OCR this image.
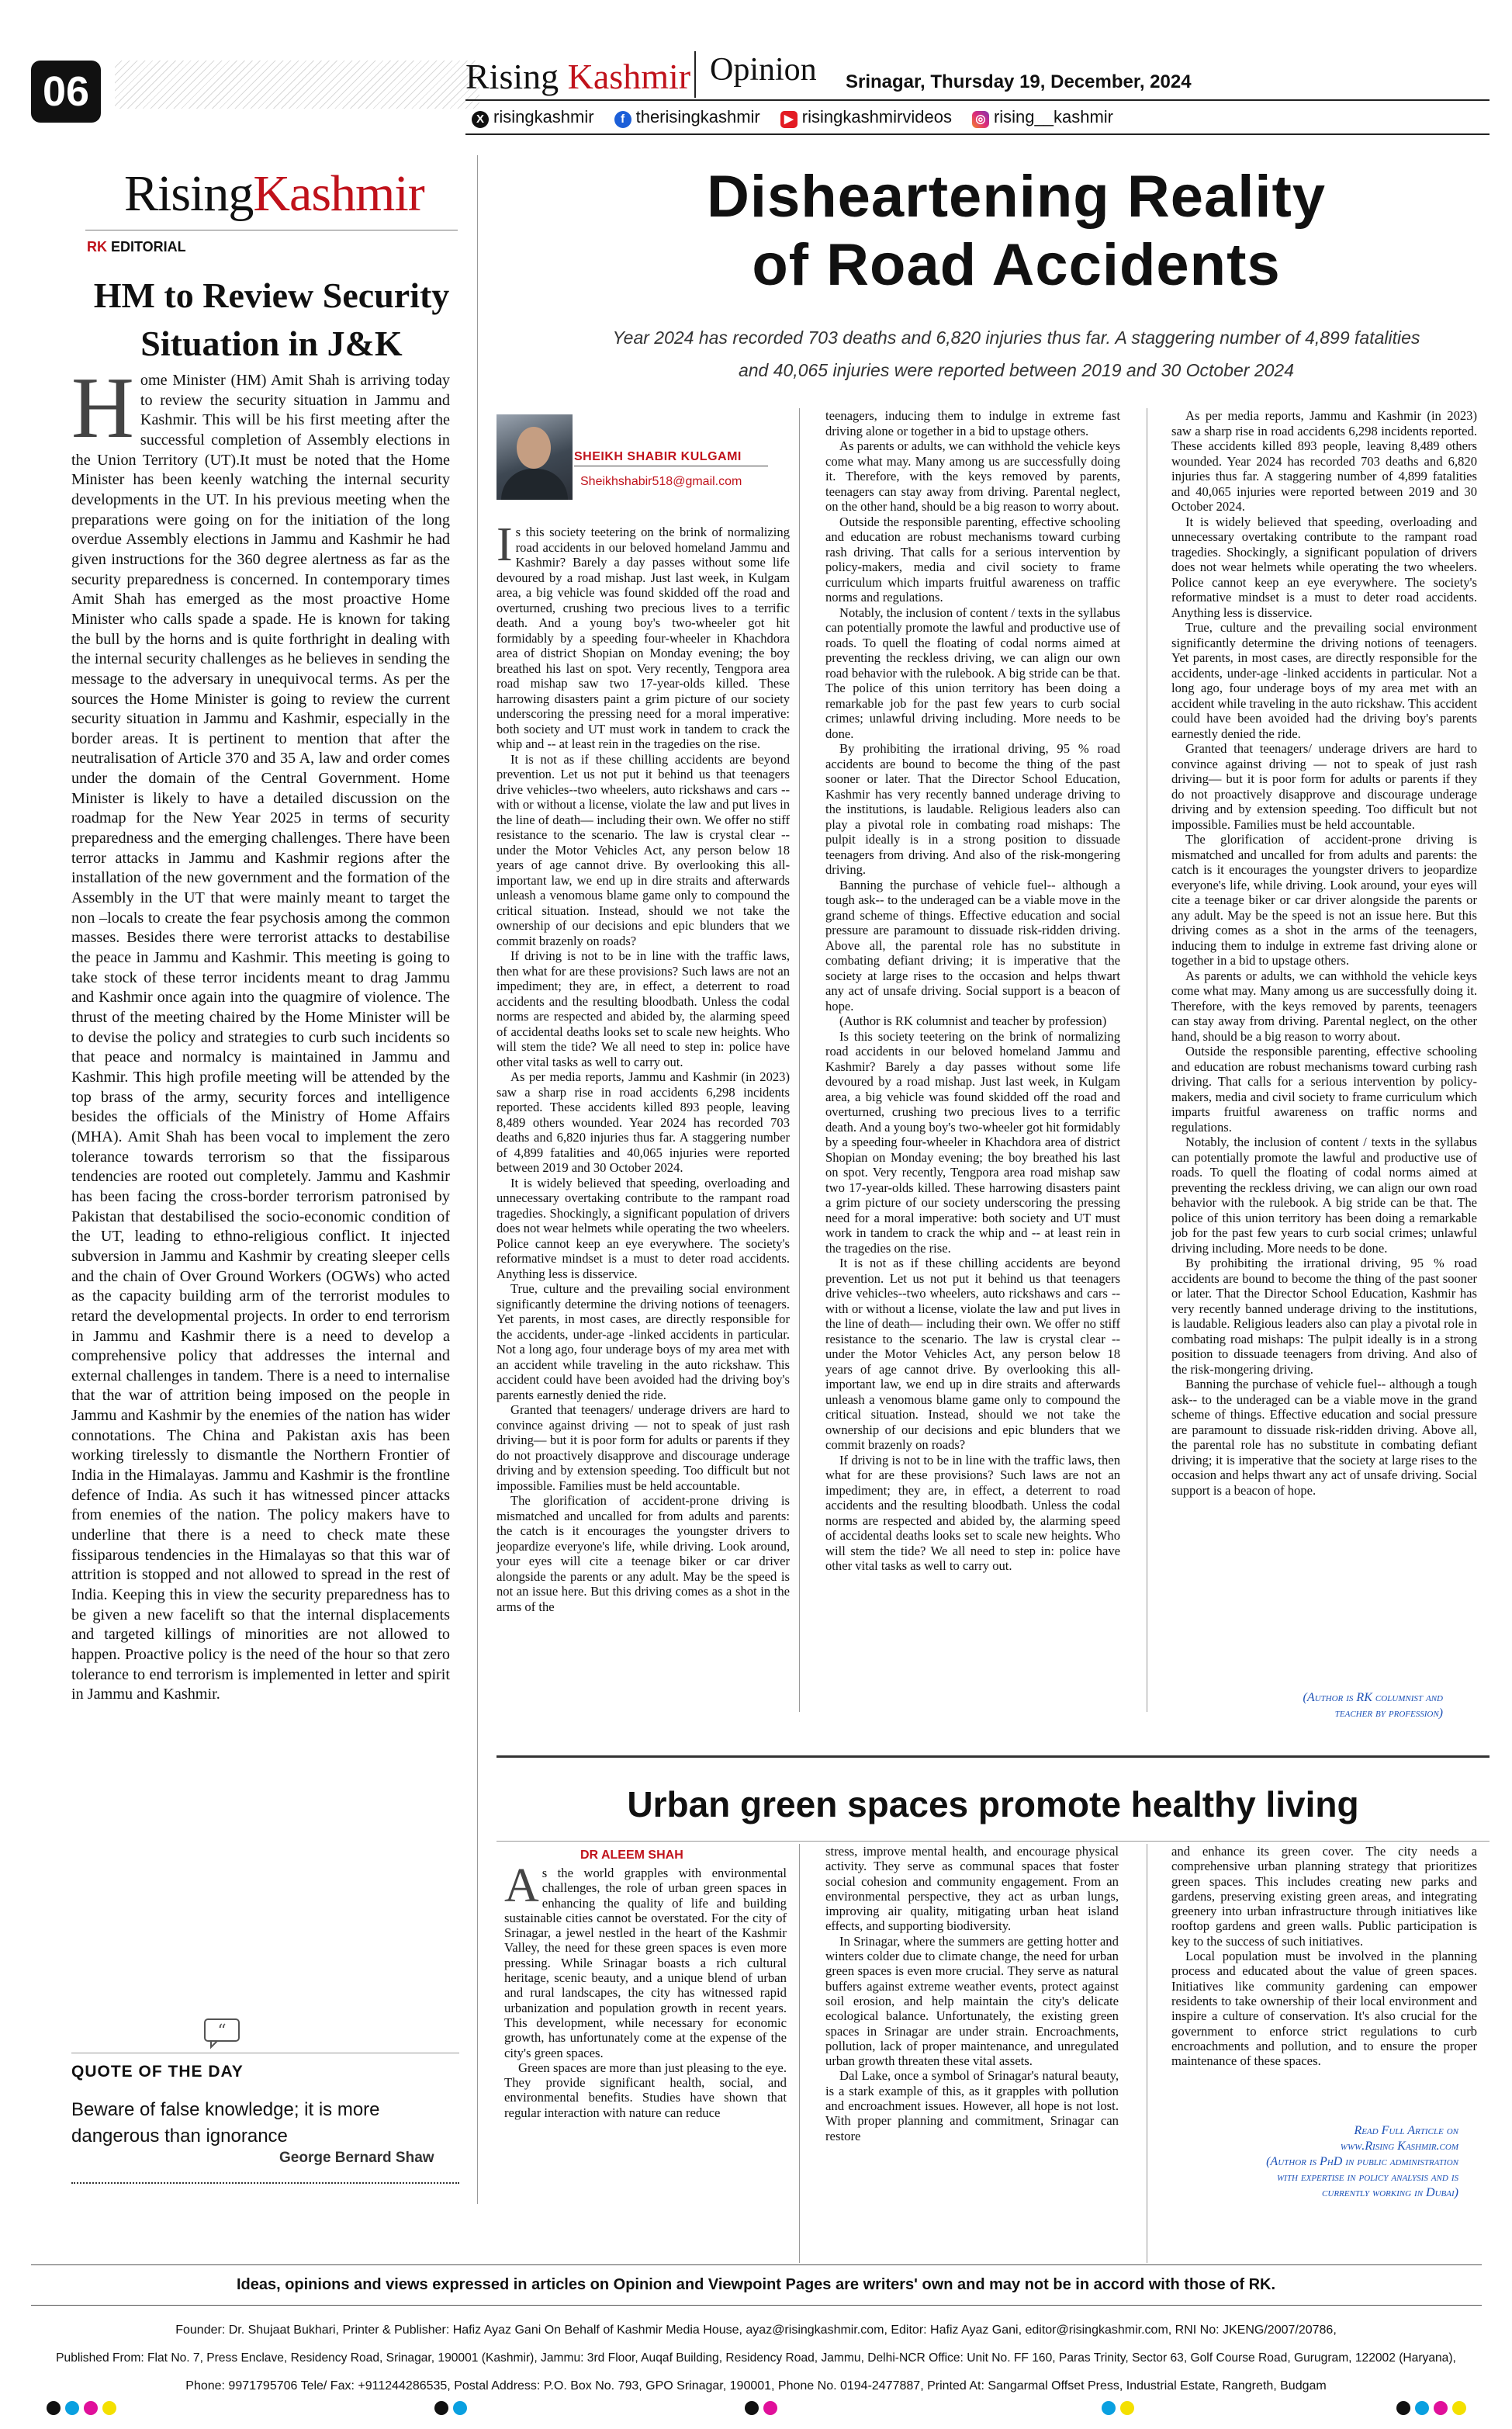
06	Rising Kashmir Opinion Srinagar, Thursday 19, December, 2024
X risingkashmir	f therisingkashmir	▶ risingkashmirvideos ◎ rising__kashmir
RisingKashmir
RK EDITORIAL
HM to Review Security Situation in J&K
Home Minister (HM) Amit Shah is arriving today to review the security situation in Jammu and Kashmir. This will be his first meeting after the successful completion of Assembly elections in the Union Territory (UT).It must be noted that the Home Minister has been keenly watching the internal security developments in the UT. In his previous meeting when the preparations were going on for the initiation of the long overdue Assembly elections in Jammu and Kashmir he had given instructions for the 360 degree alertness as far as the security preparedness is concerned. In contemporary times Amit Shah has emerged as the most proactive Home Minister who calls spade a spade. He is known for taking the bull by the horns and is quite forthright in dealing with the internal security challenges as he believes in sending the message to the adversary in unequivocal terms. As per the sources the Home Minister is going to review the current security situation in Jammu and Kashmir, especially in the border areas. It is pertinent to mention that after the neutralisation of Article 370 and 35 A, law and order comes under the domain of the Central Government. Home Minister is likely to have a detailed discussion on the roadmap for the New Year 2025 in terms of security preparedness and the emerging challenges. There have been terror attacks in Jammu and Kashmir regions after the installation of the new government and the formation of the Assembly in the UT that were mainly meant to target the non –locals to create the fear psychosis among the common masses. Besides there were terrorist attacks to destabilise the peace in Jammu and Kashmir. This meeting is going to take stock of these terror incidents meant to drag Jammu and Kashmir once again into the quagmire of violence. The thrust of the meeting chaired by the Home Minister will be to devise the policy and strategies to curb such incidents so that peace and normalcy is maintained in Jammu and Kashmir. This high profile meeting will be attended by the top brass of the army, security forces and intelligence besides the officials of the Ministry of Home Affairs (MHA). Amit Shah has been vocal to implement the zero tolerance towards terrorism so that the fissiparous tendencies are rooted out completely. Jammu and Kashmir has been facing the cross-border terrorism patronised by Pakistan that destabilised the socio-economic condition of the UT, leading to ethno-religious conflict. It injected subversion in Jammu and Kashmir by creating sleeper cells and the chain of Over Ground Workers (OGWs) who acted as the capacity building arm of the terrorist modules to retard the developmental projects. In order to end terrorism in Jammu and Kashmir there is a need to develop a comprehensive policy that addresses the internal and external challenges in tandem. There is a need to internalise that the war of attrition being imposed on the people in Jammu and Kashmir by the enemies of the nation has wider connotations. The China and Pakistan axis has been working tirelessly to dismantle the Northern Frontier of India in the Himalayas. Jammu and Kashmir is the frontline defence of India. As such it has witnessed pincer attacks from enemies of the nation. The policy makers have to underline that there is a need to check mate these fissiparous tendencies in the Himalayas so that this war of attrition is stopped and not allowed to spread in the rest of India. Keeping this in view the security preparedness has to be given a new facelift so that the internal displacements and targeted killings of minorities are not allowed to happen. Proactive policy is the need of the hour so that zero tolerance to end terrorism is implemented in letter and spirit in Jammu and Kashmir.
“
QUOTE OF THE DAY
Beware of false knowledge; it is more dangerous than ignorance
George Bernard Shaw
Disheartening Reality
of Road Accidents
Year 2024 has recorded 703 deaths and 6,820 injuries thus far. A staggering number of 4,899 fatalities
and 40,065 injuries were reported between 2019 and 30 October 2024
SHEIKH SHABIR KULGAMI
Sheikhshabir518@gmail.com

Is this society teetering on the brink of normalizing road accidents in our beloved homeland Jammu and Kashmir? Barely a day passes without some life devoured by a road mishap. Just last week, in Kulgam area, a big vehicle was found skidded off the road and overturned, crushing two precious lives to a terrific death. And a young boy's two-wheeler got hit formidably by a speeding four-wheeler in Khachdora area of district Shopian on Monday evening; the boy breathed his last on spot. Very recently, Tengpora area road mishap saw two 17-year-olds killed. These harrowing disasters paint a grim picture of our society underscoring the pressing need for a moral imperative: both society and UT must work in tandem to crack the whip and -- at least rein in the tragedies on the rise.

It is not as if these chilling accidents are beyond prevention. Let us not put it behind us that teenagers drive vehicles--two wheelers, auto rickshaws and cars -- with or without a license, violate the law and put lives in the line of death— including their own. We offer no stiff resistance to the scenario. The law is crystal clear -- under the Motor Vehicles Act, any person below 18 years of age cannot drive. By overlooking this all-important law, we end up in dire straits and afterwards unleash a venomous blame game only to compound the critical situation. Instead, should we not take the ownership of our decisions and epic blunders that we commit brazenly on roads?

If driving is not to be in line with the traffic laws, then what for are these provisions? Such laws are not an impediment; they are, in effect, a deterrent to road accidents and the resulting bloodbath. Unless the codal norms are respected and abided by, the alarming speed of accidental deaths looks set to scale new heights. Who will stem the tide? We all need to step in: police have other vital tasks as well to carry out.

As per media reports, Jammu and Kashmir (in 2023) saw a sharp rise in road accidents 6,298 incidents reported. These accidents killed 893 people, leaving 8,489 others wounded. Year 2024 has recorded 703 deaths and 6,820 injuries thus far. A staggering number of 4,899 fatalities and 40,065 injuries were reported between 2019 and 30 October 2024.

It is widely believed that speeding, overloading and unnecessary overtaking contribute to the rampant road tragedies. Shockingly, a significant population of drivers does not wear helmets while operating the two wheelers. Police cannot keep an eye everywhere. The society's reformative mindset is a must to deter road accidents. Anything less is disservice.

True, culture and the prevailing social environment significantly determine the driving notions of teenagers. Yet parents, in most cases, are directly responsible for the accidents, under-age -linked accidents in particular. Not a long ago, four underage boys of my area met with an accident while traveling in the auto rickshaw. This accident could have been avoided had the driving boy's parents earnestly denied the ride.

Granted that teenagers/ underage drivers are hard to convince against driving — not to speak of just rash driving— but it is poor form for adults or parents if they do not proactively disapprove and discourage underage driving and by extension speeding. Too difficult but not impossible. Families must be held accountable.

The glorification of accident-prone driving is mismatched and uncalled for from adults and parents: the catch is it encourages the youngster drivers to jeopardize everyone's life, while driving. Look around, your eyes will cite a teenage biker or car driver alongside the parents or any adult. May be the speed is not an issue here. But this driving comes as a shot in the arms of the

teenagers, inducing them to indulge in extreme fast driving alone or together in a bid to upstage others.

As parents or adults, we can withhold the vehicle keys come what may. Many among us are successfully doing it. Therefore, with the keys removed by parents, teenagers can stay away from driving. Parental neglect, on the other hand, should be a big reason to worry about.

Outside the responsible parenting, effective schooling and education are robust mechanisms toward curbing rash driving. That calls for a serious intervention by policy-makers, media and civil society to frame curriculum which imparts fruitful awareness on traffic norms and regulations.

Notably, the inclusion of content / texts in the syllabus can potentially promote the lawful and productive use of roads. To quell the floating of codal norms aimed at preventing the reckless driving, we can align our own road behavior with the rulebook. A big stride can be that. The police of this union territory has been doing a remarkable job for the past few years to curb social crimes; unlawful driving including. More needs to be done.

By prohibiting the irrational driving, 95 % road accidents are bound to become the thing of the past sooner or later. That the Director School Education, Kashmir has very recently banned underage driving to the institutions, is laudable. Religious leaders also can play a pivotal role in combating road mishaps: The pulpit ideally is in a strong position to dissuade teenagers from driving. And also of the risk-mongering driving.

Banning the purchase of vehicle fuel-- although a tough ask-- to the underaged can be a viable move in the grand scheme of things. Effective education and social pressure are paramount to dissuade risk-ridden driving. Above all, the parental role has no substitute in combating defiant driving; it is imperative that the society at large rises to the occasion and helps thwart any act of unsafe driving. Social support is a beacon of hope.

(Author is RK columnist and teacher by profession)

Is this society teetering on the brink of normalizing road accidents in our beloved homeland Jammu and Kashmir? Barely a day passes without some life devoured by a road mishap. Just last week, in Kulgam area, a big vehicle was found skidded off the road and overturned, crushing two precious lives to a terrific death. And a young boy's two-wheeler got hit formidably by a speeding four-wheeler in Khachdora area of district Shopian on Monday evening; the boy breathed his last on spot. Very recently, Tengpora area road mishap saw two 17-year-olds killed. These harrowing disasters paint a grim picture of our society underscoring the pressing need for a moral imperative: both society and UT must work in tandem to crack the whip and -- at least rein in the tragedies on the rise.

It is not as if these chilling accidents are beyond prevention. Let us not put it behind us that teenagers drive vehicles--two wheelers, auto rickshaws and cars -- with or without a license, violate the law and put lives in the line of death— including their own. We offer no stiff resistance to the scenario. The law is crystal clear -- under the Motor Vehicles Act, any person below 18 years of age cannot drive. By overlooking this all-important law, we end up in dire straits and afterwards unleash a venomous blame game only to compound the critical situation. Instead, should we not take the ownership of our decisions and epic blunders that we commit brazenly on roads?

If driving is not to be in line with the traffic laws, then what for are these provisions? Such laws are not an impediment; they are, in effect, a deterrent to road accidents and the resulting bloodbath. Unless the codal norms are respected and abided by, the alarming speed of accidental deaths looks set to scale new heights. Who will stem the tide? We all need to step in: police have other vital tasks as well to carry out.

As per media reports, Jammu and Kashmir (in 2023) saw a sharp rise in road accidents 6,298 incidents reported. These accidents killed 893 people, leaving 8,489 others wounded. Year 2024 has recorded 703 deaths and 6,820 injuries thus far. A staggering number of 4,899 fatalities and 40,065 injuries were reported between 2019 and 30 October 2024.

It is widely believed that speeding, overloading and unnecessary overtaking contribute to the rampant road tragedies. Shockingly, a significant population of drivers does not wear helmets while operating the two wheelers. Police cannot keep an eye everywhere. The society's reformative mindset is a must to deter road accidents. Anything less is disservice.

True, culture and the prevailing social environment significantly determine the driving notions of teenagers. Yet parents, in most cases, are directly responsible for the accidents, under-age -linked accidents in particular. Not a long ago, four underage boys of my area met with an accident while traveling in the auto rickshaw. This accident could have been avoided had the driving boy's parents earnestly denied the ride.

Granted that teenagers/ underage drivers are hard to convince against driving — not to speak of just rash driving— but it is poor form for adults or parents if they do not proactively disapprove and discourage underage driving and by extension speeding. Too difficult but not impossible. Families must be held accountable.

The glorification of accident-prone driving is mismatched and uncalled for from adults and parents: the catch is it encourages the youngster drivers to jeopardize everyone's life, while driving. Look around, your eyes will cite a teenage biker or car driver alongside the parents or any adult. May be the speed is not an issue here. But this driving comes as a shot in the arms of the teenagers, inducing them to indulge in extreme fast driving alone or together in a bid to upstage others.

As parents or adults, we can withhold the vehicle keys come what may. Many among us are successfully doing it. Therefore, with the keys removed by parents, teenagers can stay away from driving. Parental neglect, on the other hand, should be a big reason to worry about.

Outside the responsible parenting, effective schooling and education are robust mechanisms toward curbing rash driving. That calls for a serious intervention by policy-makers, media and civil society to frame curriculum which imparts fruitful awareness on traffic norms and regulations.

Notably, the inclusion of content / texts in the syllabus can potentially promote the lawful and productive use of roads. To quell the floating of codal norms aimed at preventing the reckless driving, we can align our own road behavior with the rulebook. A big stride can be that. The police of this union territory has been doing a remarkable job for the past few years to curb social crimes; unlawful driving including. More needs to be done.

By prohibiting the irrational driving, 95 % road accidents are bound to become the thing of the past sooner or later. That the Director School Education, Kashmir has very recently banned underage driving to the institutions, is laudable. Religious leaders also can play a pivotal role in combating road mishaps: The pulpit ideally is in a strong position to dissuade teenagers from driving. And also of the risk-mongering driving.

Banning the purchase of vehicle fuel-- although a tough ask-- to the underaged can be a viable move in the grand scheme of things. Effective education and social pressure are paramount to dissuade risk-ridden driving. Above all, the parental role has no substitute in combating defiant driving; it is imperative that the society at large rises to the occasion and helps thwart any act of unsafe driving. Social support is a beacon of hope.

(Author is RK columnist and
teacher by profession)
Urban green spaces promote healthy living
DR ALEEM SHAH

As the world grapples with environmental challenges, the role of urban green spaces in enhancing the quality of life and building sustainable cities cannot be overstated. For the city of Srinagar, a jewel nestled in the heart of the Kashmir Valley, the need for these green spaces is even more pressing. While Srinagar boasts a rich cultural heritage, scenic beauty, and a unique blend of urban and rural landscapes, the city has witnessed rapid urbanization and population growth in recent years. This development, while necessary for economic growth, has unfortunately come at the expense of the city's green spaces.

Green spaces are more than just pleasing to the eye. They provide significant health, social, and environmental benefits. Studies have shown that regular interaction with nature can reduce

stress, improve mental health, and encourage physical activity. They serve as communal spaces that foster social cohesion and community engagement. From an environmental perspective, they act as urban lungs, improving air quality, mitigating urban heat island effects, and supporting biodiversity.

In Srinagar, where the summers are getting hotter and winters colder due to climate change, the need for urban green spaces is even more crucial. They serve as natural buffers against extreme weather events, protect against soil erosion, and help maintain the city's delicate ecological balance. Unfortunately, the existing green spaces in Srinagar are under strain. Encroachments, pollution, lack of proper maintenance, and unregulated urban growth threaten these vital assets.

Dal Lake, once a symbol of Srinagar's natural beauty, is a stark example of this, as it grapples with pollution and encroachment issues. However, all hope is not lost. With proper planning and commitment, Srinagar can restore

and enhance its green cover. The city needs a comprehensive urban planning strategy that prioritizes green spaces. This includes creating new parks and gardens, preserving existing green areas, and integrating greenery into urban infrastructure through initiatives like rooftop gardens and green walls. Public participation is key to the success of such initiatives.

Local population must be involved in the planning process and educated about the value of green spaces. Initiatives like community gardening can empower residents to take ownership of their local environment and inspire a culture of conservation. It's also crucial for the government to enforce strict regulations to curb encroachments and pollution, and to ensure the proper maintenance of these spaces.

Read Full Article on
www.Rising Kashmir.com
(Author is PhD in public administration
with expertise in policy analysis and is
currently working in Dubai)
Ideas, opinions and views expressed in articles on Opinion and Viewpoint Pages are writers' own and may not be in accord with those of RK.
Founder: Dr. Shujaat Bukhari, Printer & Publisher: Hafiz Ayaz Gani On Behalf of Kashmir Media House, ayaz@risingkashmir.com, Editor: Hafiz Ayaz Gani, editor@risingkashmir.com, RNI No: JKENG/2007/20786,
Published From: Flat No. 7, Press Enclave, Residency Road, Srinagar, 190001 (Kashmir), Jammu: 3rd Floor, Auqaf Building, Residency Road, Jammu, Delhi-NCR Office: Unit No. FF 160, Paras Trinity, Sector 63, Golf Course Road, Gurugram, 122002 (Haryana),
Phone: 9971795706 Tele/ Fax: +911244286535, Postal Address: P.O. Box No. 793, GPO Srinagar, 190001, Phone No. 0194-2477887, Printed At: Sangarmal Offset Press, Industrial Estate, Rangreth, Budgam
